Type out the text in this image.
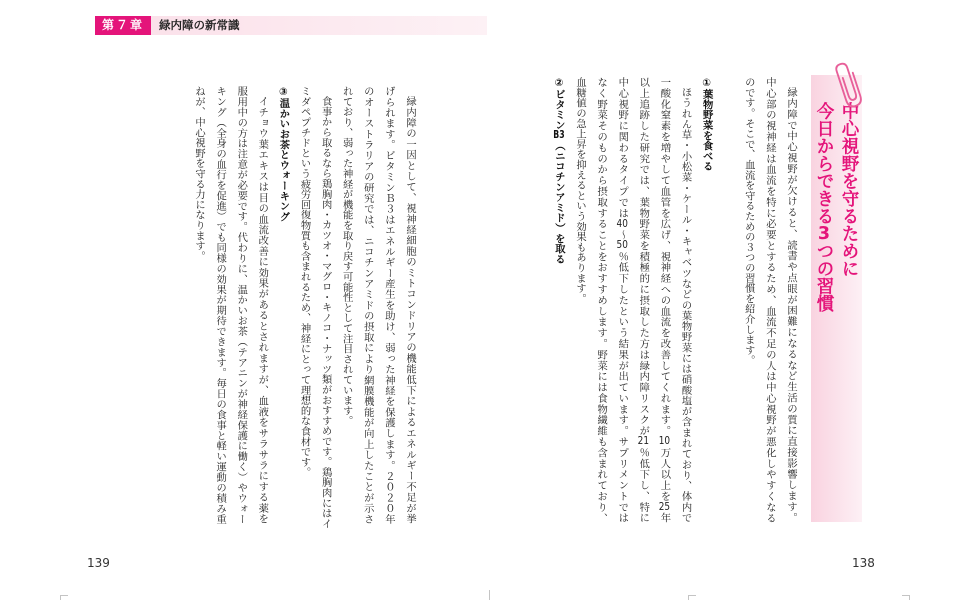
第７章	緑内障の新常識
中心視野を守るために
今日からできる3つの習慣
緑内障で中心視野が欠けると、読書や点眼が困難になるなど生活の質に直接影響します。
中心部の視神経は血流を特に必要とするため、血流不足の人は中心視野が悪化しやすくなる
のです。そこで、血流を守るための３つの習慣を紹介します。
①葉物野菜を食べる
ほうれん草・小松菜・ケール・キャベツなどの葉物野菜には硝酸塩が含まれており、体内で
一酸化窒素を増やして血管を広げ、視神経への血流を改善してくれます。10万人以上を25年
以上追跡した研究では、葉物野菜を積極的に摂取した方は緑内障リスクが21％低下し、特に
中心視野に関わるタイプでは40～50％低下したという結果が出ています。サプリメントでは
なく野菜そのものから摂取することをおすすめします。野菜には食物繊維も含まれており、
血糖値の急上昇を抑えるという効果もあります。
②ビタミンB3（ニコチンアミド）を取る
緑内障の一因として、視神経細胞のミトコンドリアの機能低下によるエネルギー不足が挙
げられます。ビタミンＢ３はエネルギー産生を助け、弱った神経を保護します。２０２０年
のオーストラリアの研究では、ニコチンアミドの摂取により網膜機能が向上したことが示さ
れており、弱った神経が機能を取り戻す可能性として注目されています。
食事から取るなら鶏胸肉・カツオ・マグロ・キノコ・ナッツ類がおすすめです。鶏胸肉にはイ
ミダペプチドという疲労回復物質も含まれるため、神経にとって理想的な食材です。
③温かいお茶とウォーキング
イチョウ葉エキスは目の血流改善に効果があるとされますが、血液をサラサラにする薬を
服用中の方は注意が必要です。代わりに、温かいお茶（テアニンが神経保護に働く）やウォー
キング（全身の血行を促進）でも同様の効果が期待できます。毎日の食事と軽い運動の積み重
ねが、中心視野を守る力になります。
139	138
